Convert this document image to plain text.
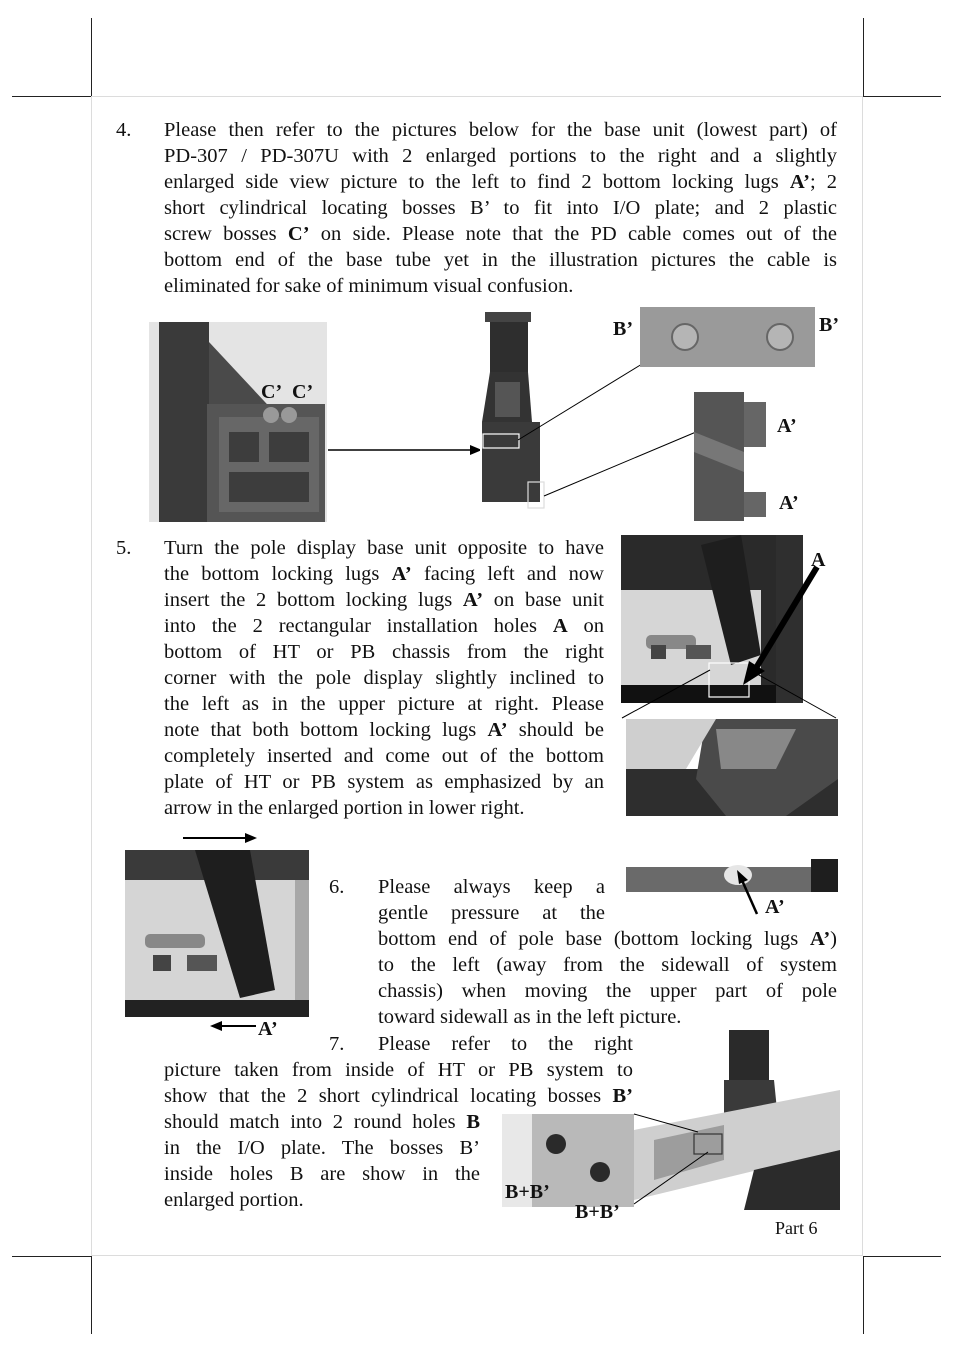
4. Please then refer to the pictures below for the base unit (lowest part) of
PD-307 / PD-307U with 2 enlarged portions to the right and a slightly
enlarged side view picture to the left to find 2 bottom locking lugs A’; 2
short cylindrical locating bosses B’ to fit into I/O plate; and 2 plastic
screw bosses C’ on side. Please note that the PD cable comes out of the
bottom end of the base tube yet in the illustration pictures the cable is
eliminated for sake of minimum visual confusion.
C’ C’
B’	B’
A’
A’
5. Turn the pole display base unit opposite to have
the bottom locking lugs A’ facing left and now
insert the 2 bottom locking lugs A’ on base unit
into the 2 rectangular installation holes A on
bottom of HT or PB chassis from the right
corner with the pole display slightly inclined to
the left as in the upper picture at right. Please
note that both bottom locking lugs A’ should be
completely inserted and come out of the bottom
plate of HT or PB system as emphasized by an
arrow in the enlarged portion in lower right.
A
A’
6. Please always keep a
gentle pressure at the
bottom end of pole base (bottom locking lugs A’)
to the left (away from the sidewall of system
chassis) when moving the upper part of pole
toward sidewall as in the left picture.
A’
7. Please refer to the right
picture taken from inside of HT or PB system to
show that the 2 short cylindrical locating bosses B’
should match into 2 round holes B
in the I/O plate. The bosses B’
inside holes B are show in the
enlarged portion.	B+B’
B+B’
Part 6
